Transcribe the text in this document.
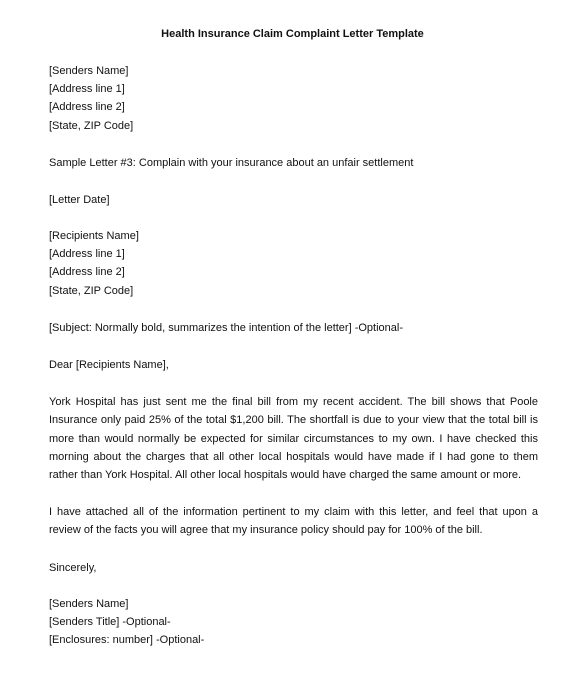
Health Insurance Claim Complaint Letter Template
[Senders Name]
[Address line 1]
[Address line 2]
[State, ZIP Code]
Sample Letter #3: Complain with your insurance about an unfair settlement
[Letter Date]
[Recipients Name]
[Address line 1]
[Address line 2]
[State, ZIP Code]
[Subject: Normally bold, summarizes the intention of the letter] -Optional-
Dear [Recipients Name],
York Hospital has just sent me the final bill from my recent accident. The bill shows that Poole Insurance only paid 25% of the total $1,200 bill. The shortfall is due to your view that the total bill is more than would normally be expected for similar circumstances to my own. I have checked this morning about the charges that all other local hospitals would have made if I had gone to them rather than York Hospital. All other local hospitals would have charged the same amount or more.
I have attached all of the information pertinent to my claim with this letter, and feel that upon a review of the facts you will agree that my insurance policy should pay for 100% of the bill.
Sincerely,
[Senders Name]
[Senders Title] -Optional-
[Enclosures: number] -Optional-
